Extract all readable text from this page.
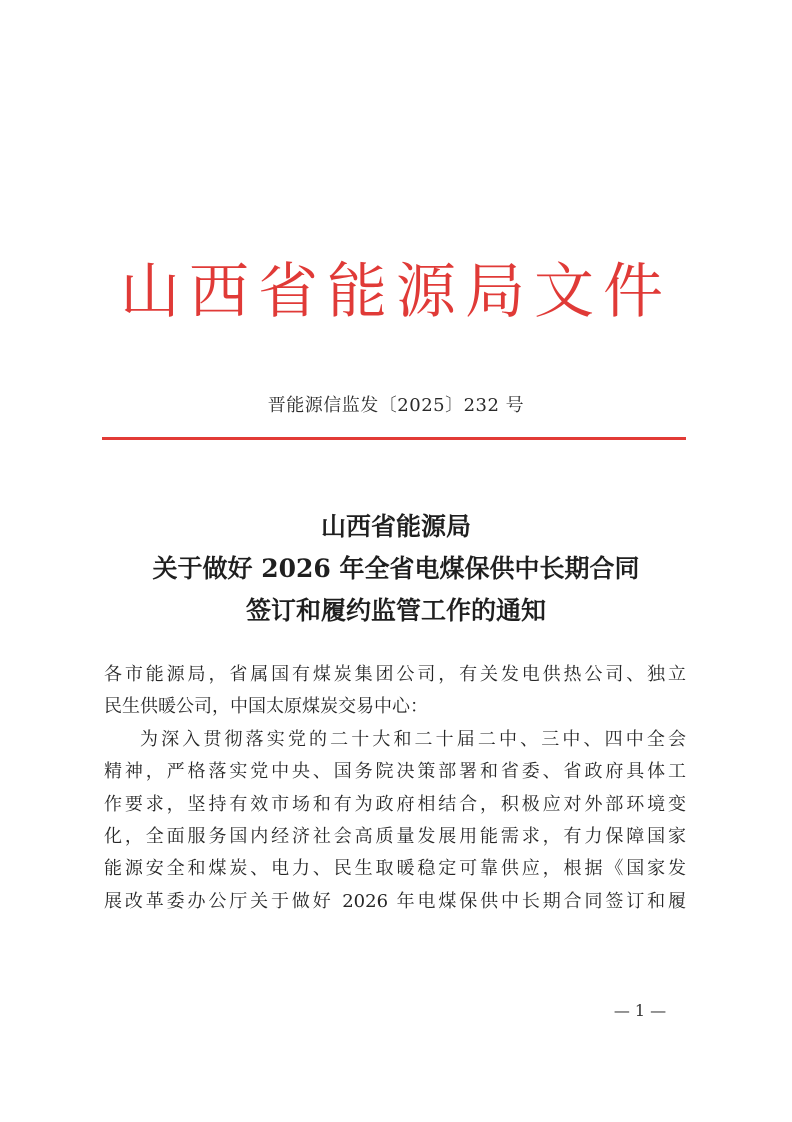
山西省能源局文件
晋能源信监发〔2025〕232 号
山西省能源局
关于做好 2026 年全省电煤保供中长期合同
签订和履约监管工作的通知
各市能源局，省属国有煤炭集团公司，有关发电供热公司、独立
民生供暖公司，中国太原煤炭交易中心：
为深入贯彻落实党的二十大和二十届二中、三中、四中全会
精神，严格落实党中央、国务院决策部署和省委、省政府具体工
作要求，坚持有效市场和有为政府相结合，积极应对外部环境变
化，全面服务国内经济社会高质量发展用能需求，有力保障国家
能源安全和煤炭、电力、民生取暖稳定可靠供应，根据《国家发
展改革委办公厅关于做好 2026 年电煤保供中长期合同签订和履
— 1 —
